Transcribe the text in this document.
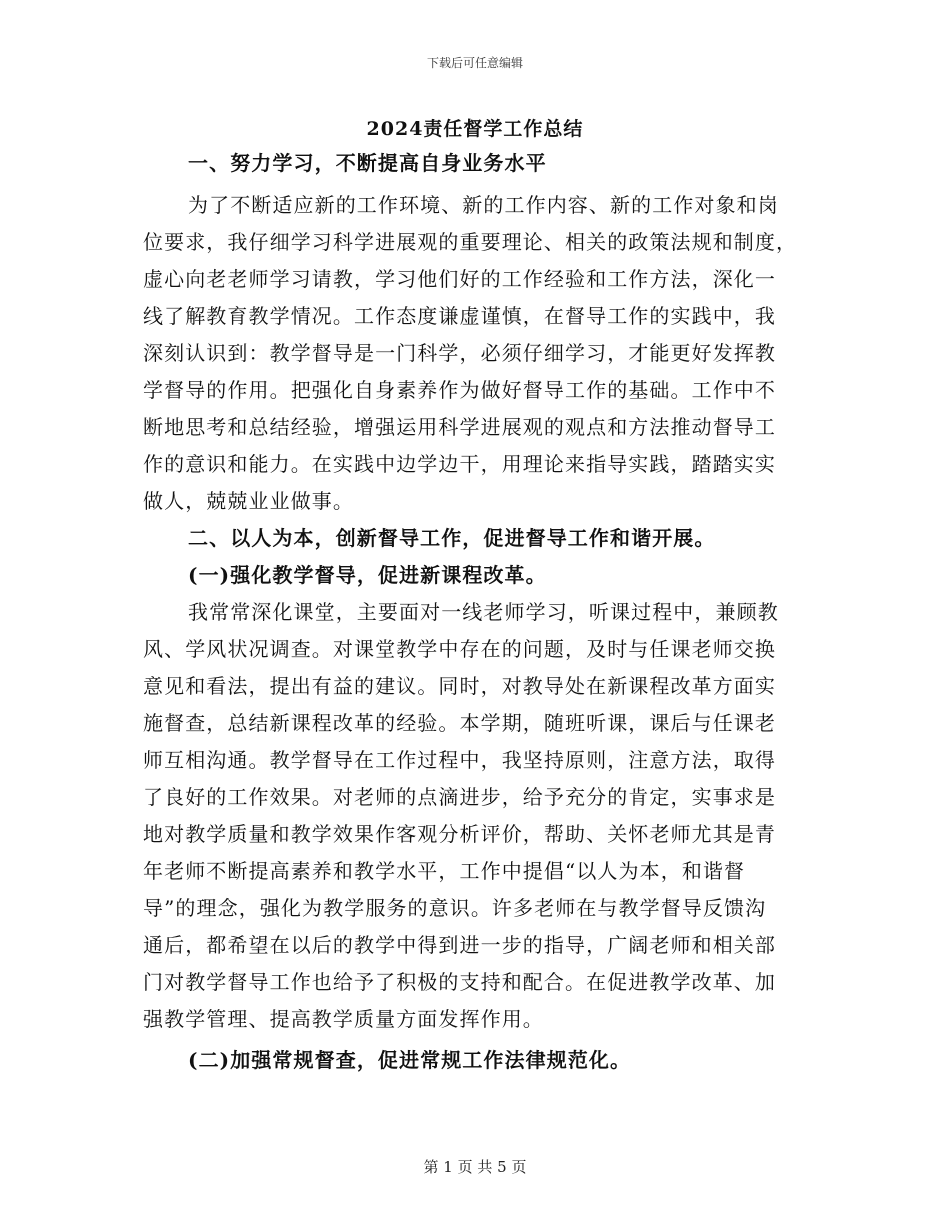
下载后可任意编辑
2024责任督学工作总结
一、努力学习，不断提高自身业务水平
为了不断适应新的工作环境、新的工作内容、新的工作对象和岗
位要求，我仔细学习科学进展观的重要理论、相关的政策法规和制度，
虚心向老老师学习请教，学习他们好的工作经验和工作方法，深化一
线了解教育教学情况。工作态度谦虚谨慎，在督导工作的实践中，我
深刻认识到：教学督导是一门科学，必须仔细学习，才能更好发挥教
学督导的作用。把强化自身素养作为做好督导工作的基础。工作中不
断地思考和总结经验，增强运用科学进展观的观点和方法推动督导工
作的意识和能力。在实践中边学边干，用理论来指导实践，踏踏实实
做人，兢兢业业做事。
二、以人为本，创新督导工作，促进督导工作和谐开展。
(一)强化教学督导，促进新课程改革。
我常常深化课堂，主要面对一线老师学习，听课过程中，兼顾教
风、学风状况调查。对课堂教学中存在的问题，及时与任课老师交换
意见和看法，提出有益的建议。同时，对教导处在新课程改革方面实
施督查，总结新课程改革的经验。本学期，随班听课，课后与任课老
师互相沟通。教学督导在工作过程中，我坚持原则，注意方法，取得
了良好的工作效果。对老师的点滴进步，给予充分的肯定，实事求是
地对教学质量和教学效果作客观分析评价，帮助、关怀老师尤其是青
年老师不断提高素养和教学水平，工作中提倡“以人为本，和谐督
导”的理念，强化为教学服务的意识。许多老师在与教学督导反馈沟
通后，都希望在以后的教学中得到进一步的指导，广阔老师和相关部
门对教学督导工作也给予了积极的支持和配合。在促进教学改革、加
强教学管理、提高教学质量方面发挥作用。
(二)加强常规督查，促进常规工作法律规范化。
第 1 页 共 5 页
